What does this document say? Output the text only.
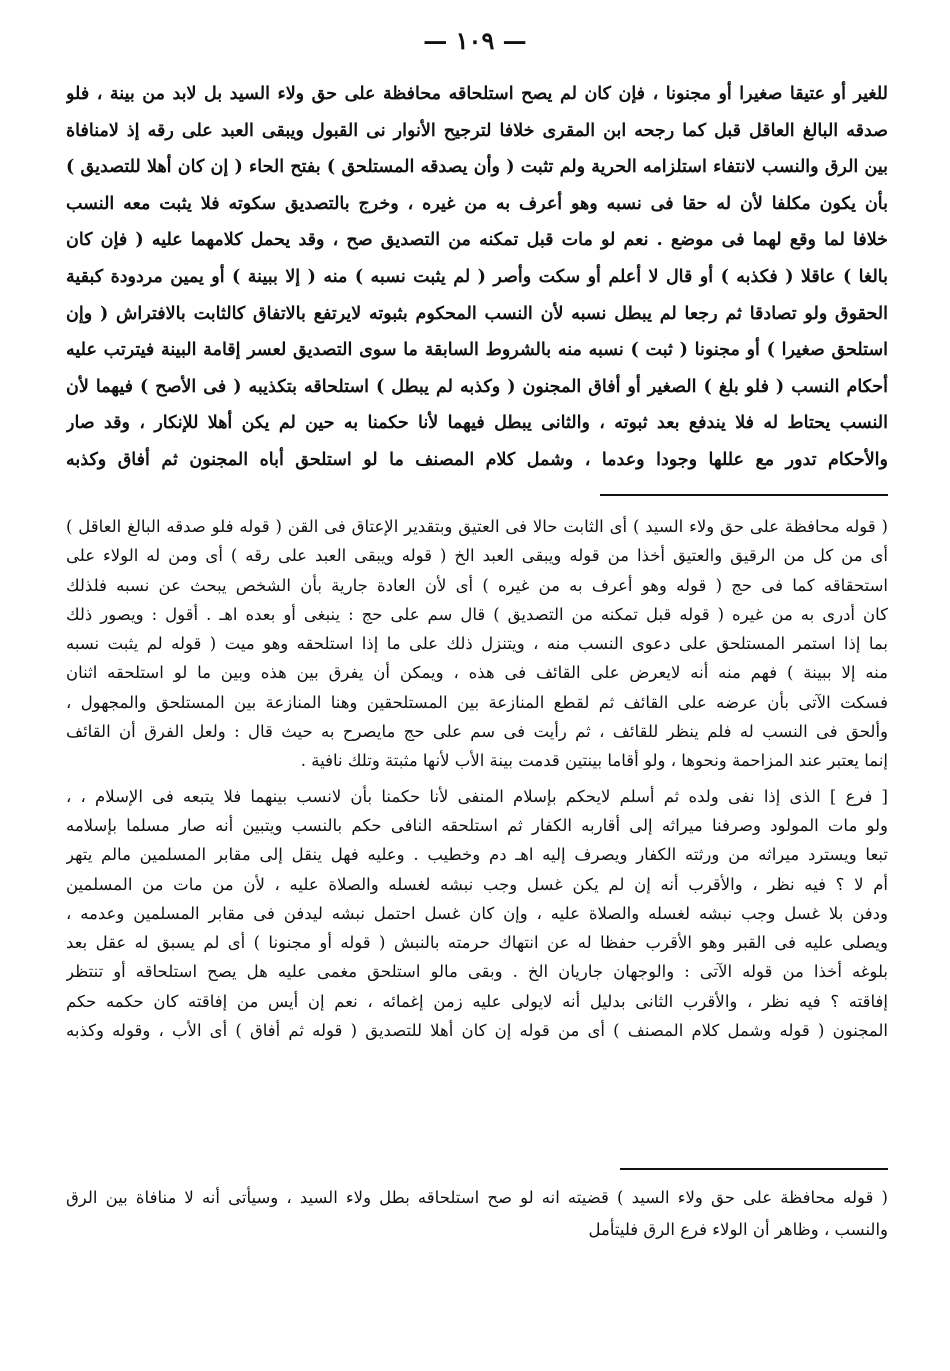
— ١٠٩ —
للغير أو عتيقا صغيرا أو مجنونا ، فإن كان لم يصح استلحاقه محافظة على حق ولاء السيد بل لابد من بينة ، فلو
صدقه البالغ العاقل قبل كما رجحه ابن المقرى خلافا لترجيح الأنوار نى القبول ويبقى العبد على رقه إذ لامنافاة
بين الرق والنسب لانتفاء استلزامه الحرية ولم تثبت ( وأن يصدقه المستلحق ) بفتح الحاء ( إن كان أهلا للتصديق )
بأن يكون مكلفا لأن له حقا فى نسبه وهو أعرف به من غيره ، وخرج بالتصديق سكوته فلا يثبت معه النسب
خلافا لما وقع لهما فى موضع . نعم لو مات قبل تمكنه من التصديق صح ، وقد يحمل كلامهما عليه ( فإن كان
بالغا ) عاقلا ( فكذبه ) أو قال لا أعلم أو سكت وأصر ( لم يثبت نسبه ) منه ( إلا ببينة ) أو يمين مردودة كبقية
الحقوق ولو تصادقا ثم رجعا لم يبطل نسبه لأن النسب المحكوم بثبوته لايرتفع بالاتفاق كالثابت بالافتراش ( وإن
استلحق صغيرا ) أو مجنونا ( ثبت ) نسبه منه بالشروط السابقة ما سوى التصديق لعسر إقامة البينة فيترتب عليه
أحكام النسب ( فلو بلغ ) الصغير أو أفاق المجنون ( وكذبه لم يبطل ) استلحاقه بتكذيبه ( فى الأصح ) فيهما لأن
النسب يحتاط له فلا يندفع بعد ثبوته ، والثانى يبطل فيهما لأنا حكمنا به حين لم يكن أهلا للإنكار ، وقد صار
والأحكام تدور مع عللها وجودا وعدما ، وشمل كلام المصنف ما لو استلحق أباه المجنون ثم أفاق وكذبه
( قوله محافظة على حق ولاء السيد ) أى الثابت حالا فى العتيق وبتقدير الإعتاق فى القن ( قوله فلو صدقه البالغ العاقل )
أى من كل من الرقيق والعتيق أخذا من قوله ويبقى العبد الخ ( قوله ويبقى العبد على رقه ) أى ومن له الولاء على
استحقاقه كما فى حج ( قوله وهو أعرف به من غيره ) أى لأن العادة جارية بأن الشخص يبحث عن نسبه فلذلك
كان أدرى به من غيره ( قوله قبل تمكنه من التصديق ) قال سم على حج : ينبغى أو بعده اهـ . أقول : ويصور ذلك
بما إذا استمر المستلحق على دعوى النسب منه ، ويتنزل ذلك على ما إذا استلحقه وهو ميت ( قوله لم يثبت نسبه
منه إلا ببينة ) فهم منه أنه لايعرض على القائف فى هذه ، ويمكن أن يفرق بين هذه وبين ما لو استلحقه اثنان
فسكت الآتى بأن عرضه على القائف ثم لقطع المنازعة بين المستلحقين وهنا المنازعة بين المستلحق والمجهول ،
وألحق فى النسب له فلم ينظر للقائف ، ثم رأيت فى سم على حج مايصرح به حيث قال : ولعل الفرق أن القائف
إنما يعتبر عند المزاحمة ونحوها ، ولو أقاما بينتين قدمت بينة الأب لأنها مثبتة وتلك نافية .
[ فرع ] الذى إذا نفى ولده ثم أسلم لايحكم بإسلام المنفى لأنا حكمنا بأن لانسب بينهما فلا يتبعه فى الإسلام ، ،
ولو مات المولود وصرفنا ميراثه إلى أقاربه الكفار ثم استلحقه النافى حكم بالنسب ويتبين أنه صار مسلما بإسلامه
تبعا ويسترد ميراثه من ورثته الكفار ويصرف إليه اهـ دم وخطيب . وعليه فهل ينقل إلى مقابر المسلمين مالم يتهر
أم لا ؟ فيه نظر ، والأقرب أنه إن لم يكن غسل وجب نبشه لغسله والصلاة عليه ، لأن من مات من المسلمين
ودفن بلا غسل وجب نبشه لغسله والصلاة عليه ، وإن كان غسل احتمل نبشه ليدفن فى مقابر المسلمين وعدمه ،
ويصلى عليه فى القبر وهو الأقرب حفظا له عن انتهاك حرمته بالنبش ( قوله أو مجنونا ) أى لم يسبق له عقل بعد
بلوغه أخذا من قوله الآتى : والوجهان جاريان الخ . وبقى مالو استلحق مغمى عليه هل يصح استلحاقه أو تنتظر
إفاقته ؟ فيه نظر ، والأقرب الثانى بدليل أنه لايولى عليه زمن إغمائه ، نعم إن أيس من إفاقته كان حكمه حكم
المجنون ( قوله وشمل كلام المصنف ) أى من قوله إن كان أهلا للتصديق ( قوله ثم أفاق ) أى الأب ، وقوله وكذبه
( قوله محافظة على حق ولاء السيد ) قضيته انه لو صح استلحاقه بطل ولاء السيد ، وسيأتى أنه لا منافاة بين الرق
والنسب ، وظاهر أن الولاء فرع الرق فليتأمل
